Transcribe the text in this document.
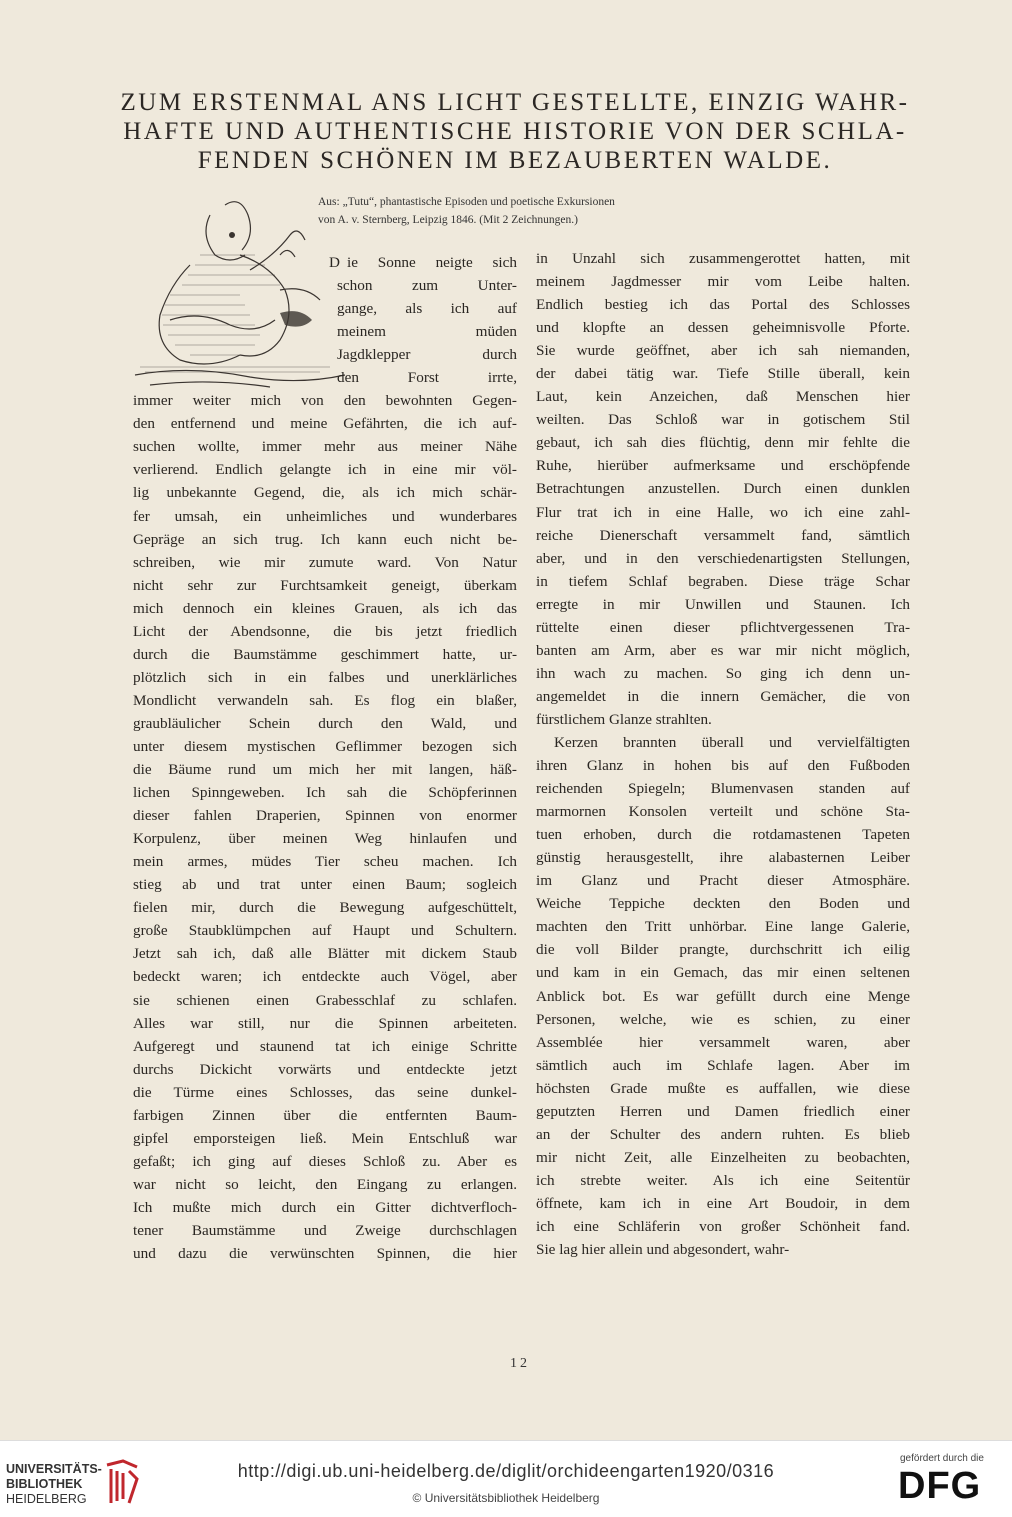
ZUM ERSTENMAL ANS LICHT GESTELLTE, EINZIG WAHR-
HAFTE UND AUTHENTISCHE HISTORIE VON DER SCHLA-
FENDEN SCHÖNEN IM BEZAUBERTEN WALDE.
Aus: „Tutu“, phantastische Episoden und poetische Exkursionen
von A. v. Sternberg, Leipzig 1846. (Mit 2 Zeichnungen.)
D ie Sonne neigte sich
schon zum Unter-
gange, als ich auf
meinem müden
Jagdklepper durch
den Forst irrte,
immer weiter mich von den bewohnten Gegen-
den entfernend und meine Gefährten, die ich auf-
suchen wollte, immer mehr aus meiner Nähe
verlierend. Endlich gelangte ich in eine mir völ-
lig unbekannte Gegend, die, als ich mich schär-
fer umsah, ein unheimliches und wunderbares
Gepräge an sich trug. Ich kann euch nicht be-
schreiben, wie mir zumute ward. Von Natur
nicht sehr zur Furchtsamkeit geneigt, überkam
mich dennoch ein kleines Grauen, als ich das
Licht der Abendsonne, die bis jetzt friedlich
durch die Baumstämme geschimmert hatte, ur-
plötzlich sich in ein falbes und unerklärliches
Mondlicht verwandeln sah. Es flog ein blaßer,
graubläulicher Schein durch den Wald, und
unter diesem mystischen Geflimmer bezogen sich
die Bäume rund um mich her mit langen, häß-
lichen Spinngeweben. Ich sah die Schöpferinnen
dieser fahlen Draperien, Spinnen von enormer
Korpulenz, über meinen Weg hinlaufen und
mein armes, müdes Tier scheu machen. Ich
stieg ab und trat unter einen Baum; sogleich
fielen mir, durch die Bewegung aufgeschüttelt,
große Staubklümpchen auf Haupt und Schultern.
Jetzt sah ich, daß alle Blätter mit dickem Staub
bedeckt waren; ich entdeckte auch Vögel, aber
sie schienen einen Grabesschlaf zu schlafen.
Alles war still, nur die Spinnen arbeiteten.
Aufgeregt und staunend tat ich einige Schritte
durchs Dickicht vorwärts und entdeckte jetzt
die Türme eines Schlosses, das seine dunkel-
farbigen Zinnen über die entfernten Baum-
gipfel emporsteigen ließ. Mein Entschluß war
gefaßt; ich ging auf dieses Schloß zu. Aber es
war nicht so leicht, den Eingang zu erlangen.
Ich mußte mich durch ein Gitter dichtverfloch-
tener Baumstämme und Zweige durchschlagen
und dazu die verwünschten Spinnen, die hier
in Unzahl sich zusammengerottet hatten, mit
meinem Jagdmesser mir vom Leibe halten.
Endlich bestieg ich das Portal des Schlosses
und klopfte an dessen geheimnisvolle Pforte.
Sie wurde geöffnet, aber ich sah niemanden,
der dabei tätig war. Tiefe Stille überall, kein
Laut, kein Anzeichen, daß Menschen hier
weilten. Das Schloß war in gotischem Stil
gebaut, ich sah dies flüchtig, denn mir fehlte die
Ruhe, hierüber aufmerksame und erschöpfende
Betrachtungen anzustellen. Durch einen dunklen
Flur trat ich in eine Halle, wo ich eine zahl-
reiche Dienerschaft versammelt fand, sämtlich
aber, und in den verschiedenartigsten Stellungen,
in tiefem Schlaf begraben. Diese träge Schar
erregte in mir Unwillen und Staunen. Ich
rüttelte einen dieser pflichtvergessenen Tra-
banten am Arm, aber es war mir nicht möglich,
ihn wach zu machen. So ging ich denn un-
angemeldet in die innern Gemächer, die von
fürstlichem Glanze strahlten.
Kerzen brannten überall und vervielfältigten
ihren Glanz in hohen bis auf den Fußboden
reichenden Spiegeln; Blumenvasen standen auf
marmornen Konsolen verteilt und schöne Sta-
tuen erhoben, durch die rotdamastenen Tapeten
günstig herausgestellt, ihre alabasternen Leiber
im Glanz und Pracht dieser Atmosphäre.
Weiche Teppiche deckten den Boden und
machten den Tritt unhörbar. Eine lange Galerie,
die voll Bilder prangte, durchschritt ich eilig
und kam in ein Gemach, das mir einen seltenen
Anblick bot. Es war gefüllt durch eine Menge
Personen, welche, wie es schien, zu einer
Assemblée hier versammelt waren, aber
sämtlich auch im Schlafe lagen. Aber im
höchsten Grade mußte es auffallen, wie diese
geputzten Herren und Damen friedlich einer
an der Schulter des andern ruhten. Es blieb
mir nicht Zeit, alle Einzelheiten zu beobachten,
ich strebte weiter. Als ich eine Seitentür
öffnete, kam ich in eine Art Boudoir, in dem
ich eine Schläferin von großer Schönheit fand.
Sie lag hier allein und abgesondert, wahr-
12
UNIVERSITÄTS-
BIBLIOTHEK
HEIDELBERG
http://digi.ub.uni-heidelberg.de/diglit/orchideengarten1920/0316
© Universitätsbibliothek Heidelberg
gefördert durch die
DFG
